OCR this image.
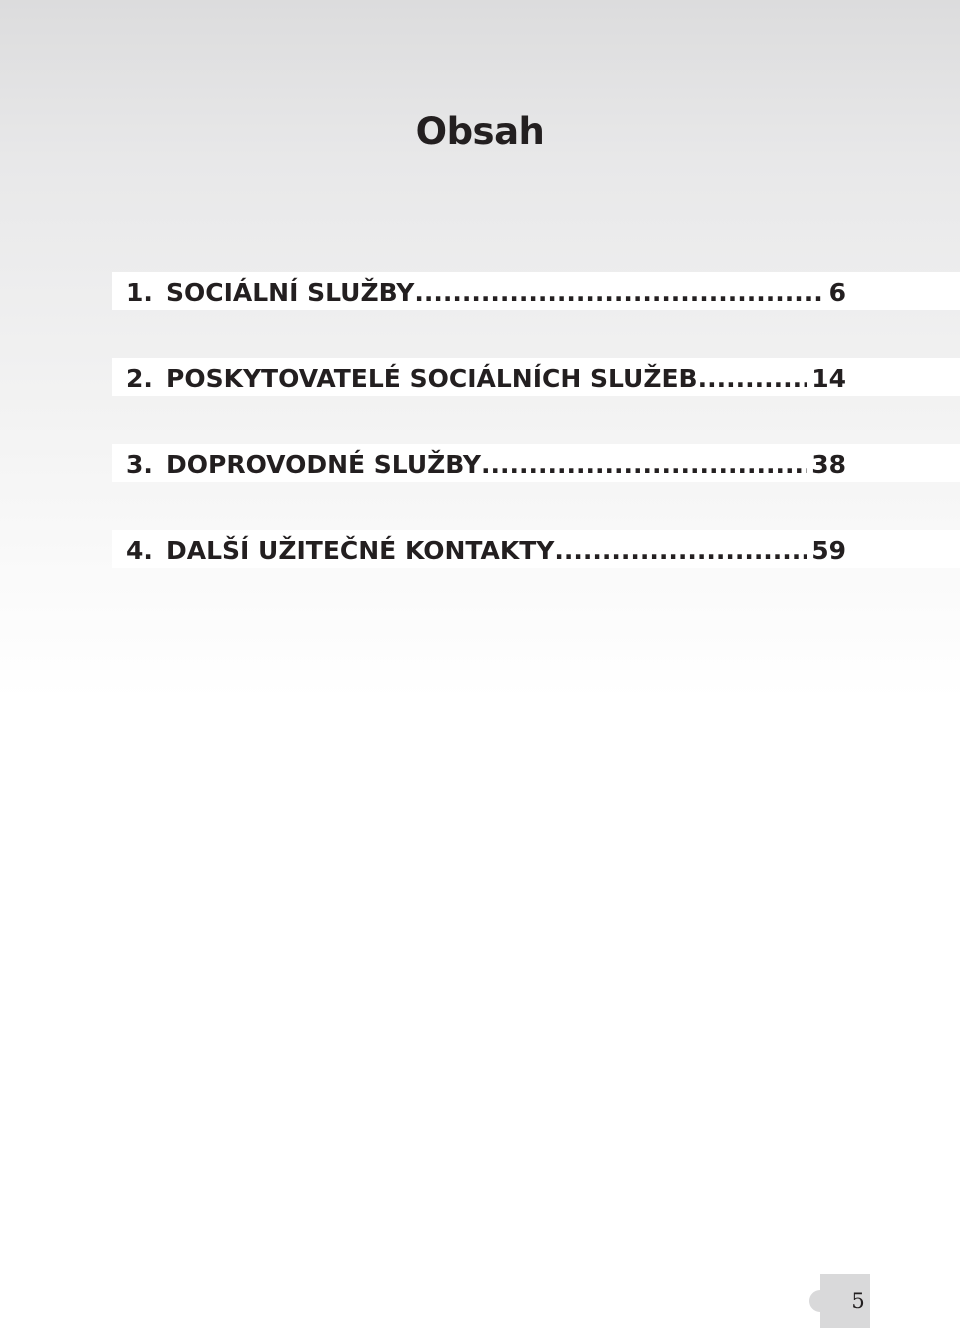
Obsah
1. SOCIÁLNÍ SLUŽBY .....	6
2. POSKYTOVATELÉ SOCIÁLNÍCH SLUŽEB .....	14
3. DOPROVODNÉ SLUŽBY .....	38
4. DALŠÍ UŽITEČNÉ KONTAKTY .....	59
5
